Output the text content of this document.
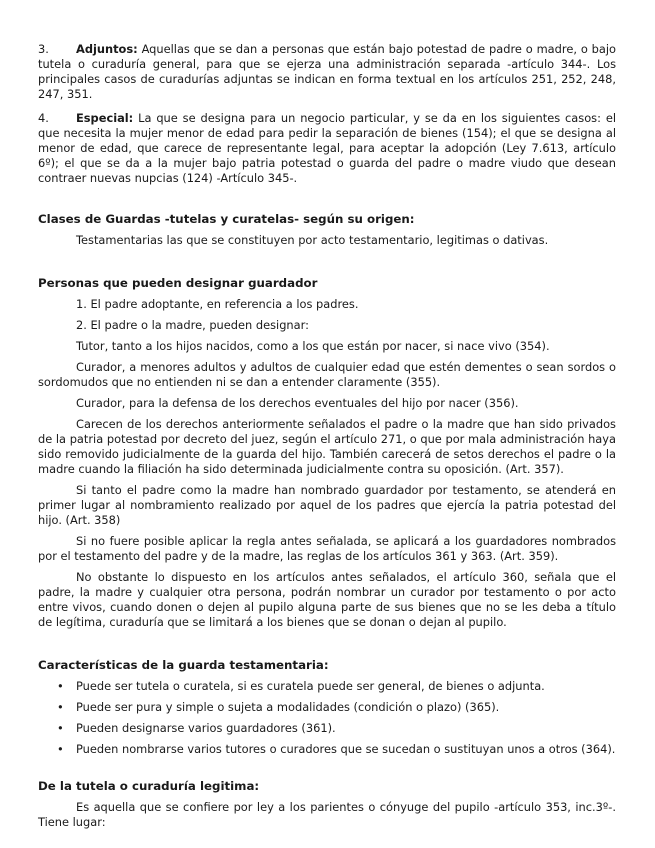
3. Adjuntos: Aquellas que se dan a personas que están bajo potestad de padre o madre, o bajo tutela o curaduría general, para que se ejerza una administración separada -artículo 344-. Los principales casos de curadurías adjuntas se indican en forma textual en los artículos 251, 252, 248, 247, 351.

4. Especial: La que se designa para un negocio particular, y se da en los siguientes casos: el que necesita la mujer menor de edad para pedir la separación de bienes (154); el que se designa al menor de edad, que carece de representante legal, para aceptar la adopción (Ley 7.613, artículo 6º); el que se da a la mujer bajo patria potestad o guarda del padre o madre viudo que desean contraer nuevas nupcias (124) -Artículo 345-.

Clases de Guardas -tutelas y curatelas- según su origen:

Testamentarias las que se constituyen por acto testamentario, legitimas o dativas.

Personas que pueden designar guardador

1. El padre adoptante, en referencia a los padres.

2. El padre o la madre, pueden designar:

Tutor, tanto a los hijos nacidos, como a los que están por nacer, si nace vivo (354).

Curador, a menores adultos y adultos de cualquier edad que estén dementes o sean sordos o sordomudos que no entienden ni se dan a entender claramente (355).

Curador, para la defensa de los derechos eventuales del hijo por nacer (356).

Carecen de los derechos anteriormente señalados el padre o la madre que han sido privados de la patria potestad por decreto del juez, según el artículo 271, o que por mala administración haya sido removido judicialmente de la guarda del hijo. También carecerá de setos derechos el padre o la madre cuando la filiación ha sido determinada judicialmente contra su oposición. (Art. 357).

Si tanto el padre como la madre han nombrado guardador por testamento, se atenderá en primer lugar al nombramiento realizado por aquel de los padres que ejercía la patria potestad del hijo. (Art. 358)

Si no fuere posible aplicar la regla antes señalada, se aplicará a los guardadores nombrados por el testamento del padre y de la madre, las reglas de los artículos 361 y 363. (Art. 359).

No obstante lo dispuesto en los artículos antes señalados, el artículo 360, señala que el padre, la madre y cualquier otra persona, podrán nombrar un curador por testamento o por acto entre vivos, cuando donen o dejen al pupilo alguna parte de sus bienes que no se les deba a título de legítima, curaduría que se limitará a los bienes que se donan o dejan al pupilo.

Características de la guarda testamentaria:
• Puede ser tutela o curatela, si es curatela puede ser general, de bienes o adjunta.
• Puede ser pura y simple o sujeta a modalidades (condición o plazo) (365).
• Pueden designarse varios guardadores (361).
• Pueden nombrarse varios tutores o curadores que se sucedan o sustituyan unos a otros (364).
De la tutela o curaduría legitima:

Es aquella que se confiere por ley a los parientes o cónyuge del pupilo -artículo 353, inc.3º-. Tiene lugar:
